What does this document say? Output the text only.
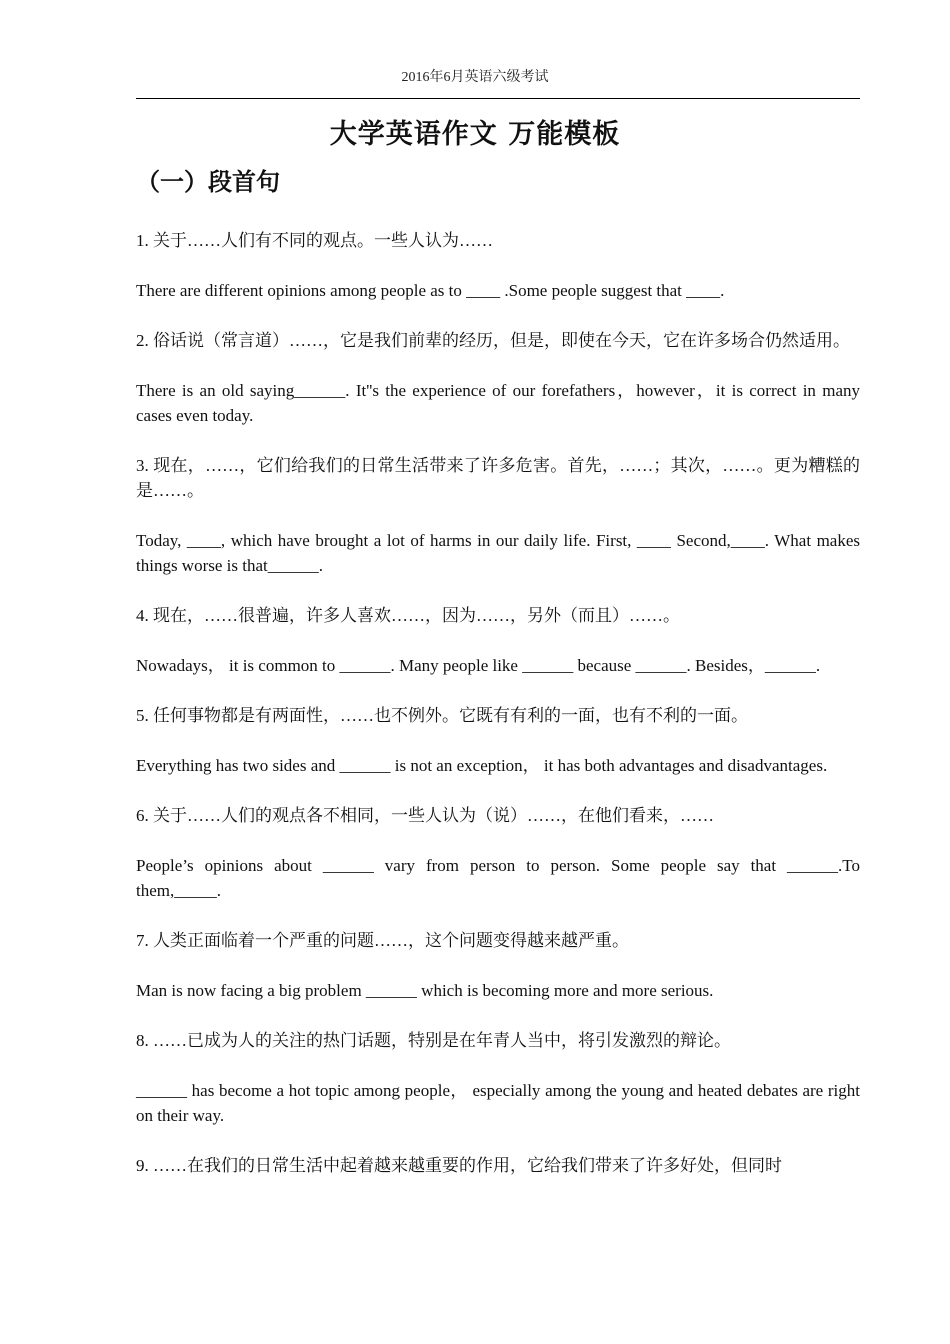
2016年6月英语六级考试
大学英语作文 万能模板
（一）段首句

1. 关于……人们有不同的观点。一些人认为……

There are different opinions among people as to ____ .Some people suggest that ____.

2. 俗话说（常言道）……，它是我们前辈的经历，但是，即使在今天，它在许多场合仍然适用。

There is an old saying______. It''s the experience of our forefathers，however，it is correct in many cases even today.

3. 现在，……，它们给我们的日常生活带来了许多危害。首先，……；其次，……。更为糟糕的是……。

Today, ____, which have brought a lot of harms in our daily life. First, ____ Second,____. What makes things worse is that______.

4. 现在，……很普遍，许多人喜欢……，因为……，另外（而且）……。

Nowadays， it is common to ______. Many people like ______ because ______. Besides，______.

5. 任何事物都是有两面性，……也不例外。它既有有利的一面，也有不利的一面。

Everything has two sides and ______ is not an exception， it has both advantages and disadvantages.

6. 关于……人们的观点各不相同，一些人认为（说）……，在他们看来，……

People’s opinions about ______ vary from person to person. Some people say that ______.To them,_____.

7. 人类正面临着一个严重的问题……，这个问题变得越来越严重。

Man is now facing a big problem ______ which is becoming more and more serious.

8. ……已成为人的关注的热门话题，特别是在年青人当中，将引发激烈的辩论。

______ has become a hot topic among people， especially among the young and heated debates are right on their way.

9. ……在我们的日常生活中起着越来越重要的作用，它给我们带来了许多好处，但同时
